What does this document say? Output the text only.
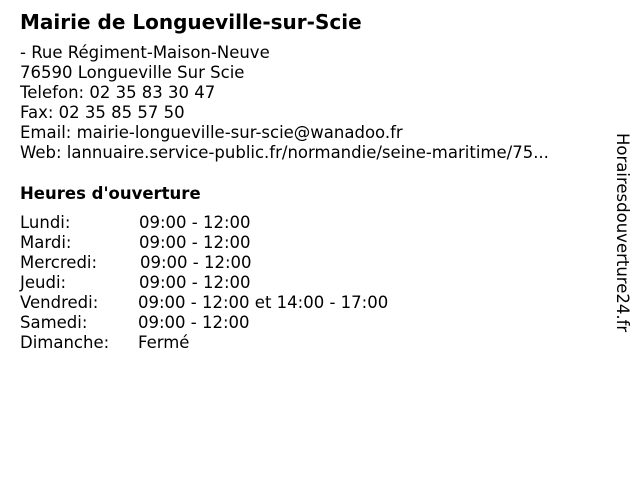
Mairie de Longueville-sur-Scie
- Rue Régiment-Maison-Neuve
76590 Longueville Sur Scie
Telefon: 02 35 83 30 47
Fax: 02 35 85 57 50
Email: mairie-longueville-sur-scie@wanadoo.fr
Web: lannuaire.service-public.fr/normandie/seine-maritime/75...
Heures d'ouverture
Lundi:	09:00 - 12:00
Mardi:	09:00 - 12:00
Mercredi:	09:00 - 12:00
Jeudi:	09:00 - 12:00
Vendredi: 09:00 - 12:00 et 14:00 - 17:00
Samedi:	09:00 - 12:00
Dimanche: Fermé
Horairesdouverture24.fr
